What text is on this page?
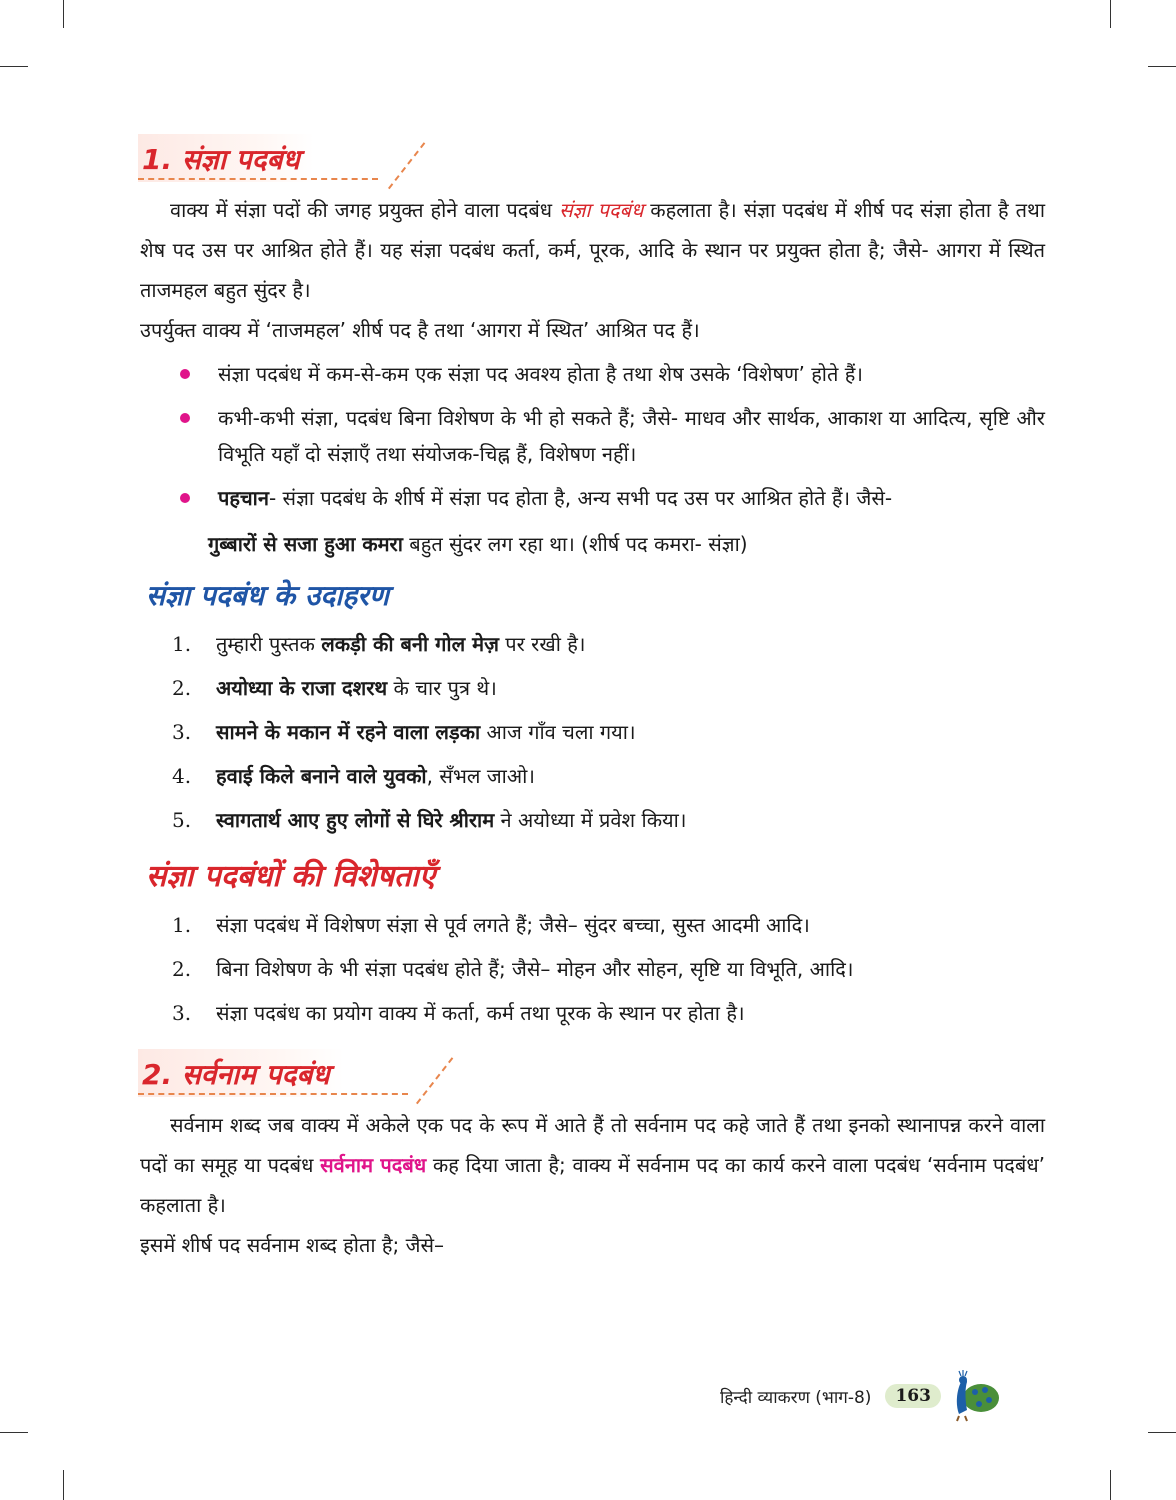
1. संज्ञा पदबंध

वाक्य में संज्ञा पदों की जगह प्रयुक्त होने वाला पदबंध संज्ञा पदबंध कहलाता है। संज्ञा पदबंध में शीर्ष पद संज्ञा होता है तथा शेष पद उस पर आश्रित होते हैं। यह संज्ञा पदबंध कर्ता, कर्म, पूरक, आदि के स्थान पर प्रयुक्त होता है; जैसे- आगरा में स्थित ताजमहल बहुत सुंदर है।

उपर्युक्त वाक्य में ‘ताजमहल’ शीर्ष पद है तथा ‘आगरा में स्थित’ आश्रित पद हैं।

संज्ञा पदबंध में कम-से-कम एक संज्ञा पद अवश्य होता है तथा शेष उसके ‘विशेषण’ होते हैं।
कभी-कभी संज्ञा, पदबंध बिना विशेषण के भी हो सकते हैं; जैसे- माधव और सार्थक, आकाश या आदित्य, सृष्टि और विभूति यहाँ दो संज्ञाएँ तथा संयोजक-चिह्न हैं, विशेषण नहीं।
पहचान- संज्ञा पदबंध के शीर्ष में संज्ञा पद होता है, अन्य सभी पद उस पर आश्रित होते हैं। जैसे-
गुब्बारों से सजा हुआ कमरा बहुत सुंदर लग रहा था। (शीर्ष पद कमरा- संज्ञा)
संज्ञा पदबंध के उदाहरण
1. तुम्हारी पुस्तक लकड़ी की बनी गोल मेज़ पर रखी है।
2. अयोध्या के राजा दशरथ के चार पुत्र थे।
3. सामने के मकान में रहने वाला लड़का आज गाँव चला गया।
4. हवाई किले बनाने वाले युवको, सँभल जाओ।
5. स्वागतार्थ आए हुए लोगों से घिरे श्रीराम ने अयोध्या में प्रवेश किया।
संज्ञा पदबंधों की विशेषताएँ
1. संज्ञा पदबंध में विशेषण संज्ञा से पूर्व लगते हैं; जैसे– सुंदर बच्चा, सुस्त आदमी आदि।
2. बिना विशेषण के भी संज्ञा पदबंध होते हैं; जैसे– मोहन और सोहन, सृष्टि या विभूति, आदि।
3. संज्ञा पदबंध का प्रयोग वाक्य में कर्ता, कर्म तथा पूरक के स्थान पर होता है।
2. सर्वनाम पदबंध

सर्वनाम शब्द जब वाक्य में अकेले एक पद के रूप में आते हैं तो सर्वनाम पद कहे जाते हैं तथा इनको स्थानापन्न करने वाला पदों का समूह या पदबंध सर्वनाम पदबंध कह दिया जाता है; वाक्य में सर्वनाम पद का कार्य करने वाला पदबंध ‘सर्वनाम पदबंध’ कहलाता है।

इसमें शीर्ष पद सर्वनाम शब्द होता है; जैसे–

हिन्दी व्याकरण (भाग-8)	163
